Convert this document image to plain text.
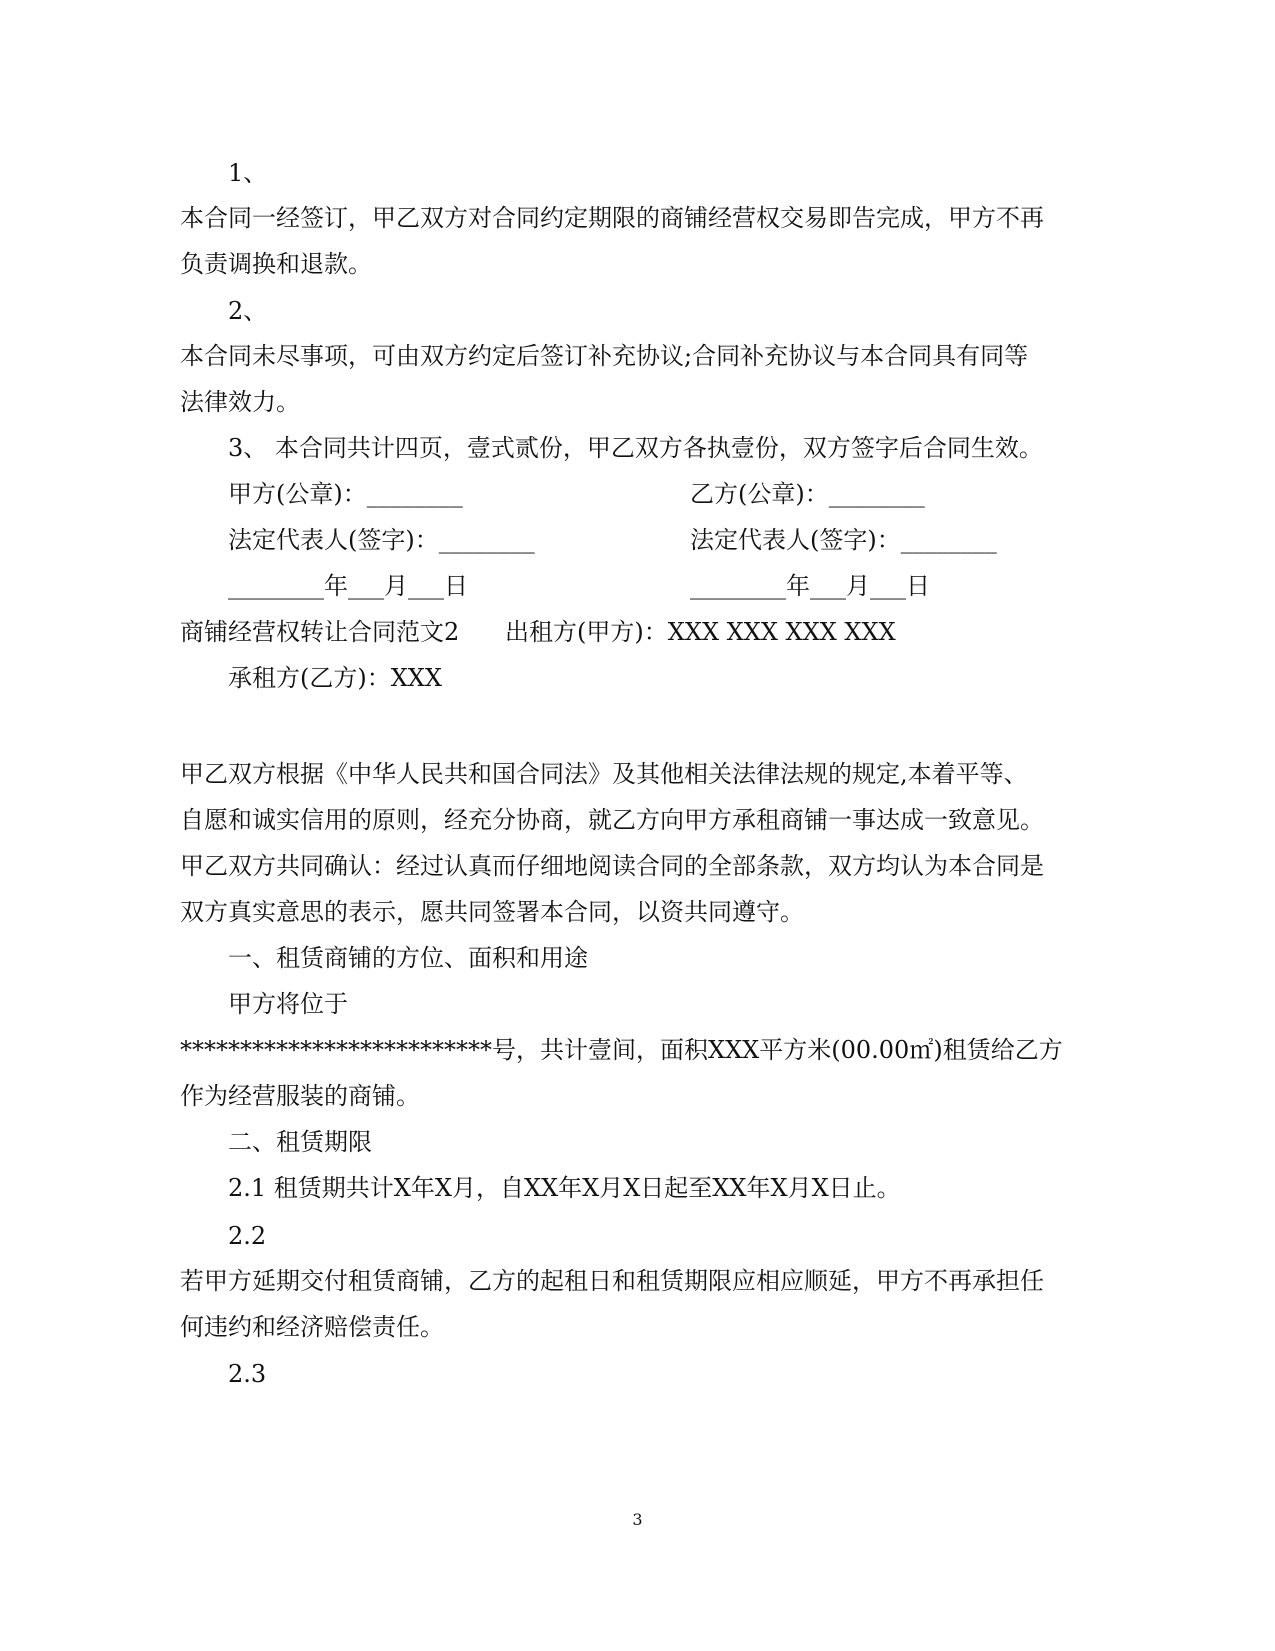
1、
本合同一经签订，甲乙双方对合同约定期限的商铺经营权交易即告完成，甲方不再
负责调换和退款。
2、
本合同未尽事项，可由双方约定后签订补充协议;合同补充协议与本合同具有同等
法律效力。
3、 本合同共计四页，壹式贰份，甲乙双方各执壹份，双方签字后合同生效。
甲方(公章)：________	乙方(公章)：________
法定代表人(签字)：________	法定代表人(签字)：________
________年___月___日	________年___月___日
商铺经营权转让合同范文2      出租方(甲方)：XXX XXX XXX XXX
承租方(乙方)：XXX
甲乙双方根据《中华人民共和国合同法》及其他相关法律法规的规定,本着平等、
自愿和诚实信用的原则，经充分协商，就乙方向甲方承租商铺一事达成一致意见。
甲乙双方共同确认：经过认真而仔细地阅读合同的全部条款，双方均认为本合同是
双方真实意思的表示，愿共同签署本合同，以资共同遵守。
一、租赁商铺的方位、面积和用途
甲方将位于
**************************号，共计壹间，面积XXX平方米(00.00㎡)租赁给乙方
作为经营服装的商铺。
二、租赁期限
2.1 租赁期共计X年X月，自XX年X月X日起至XX年X月X日止。
2.2
若甲方延期交付租赁商铺，乙方的起租日和租赁期限应相应顺延，甲方不再承担任
何违约和经济赔偿责任。
2.3
3
